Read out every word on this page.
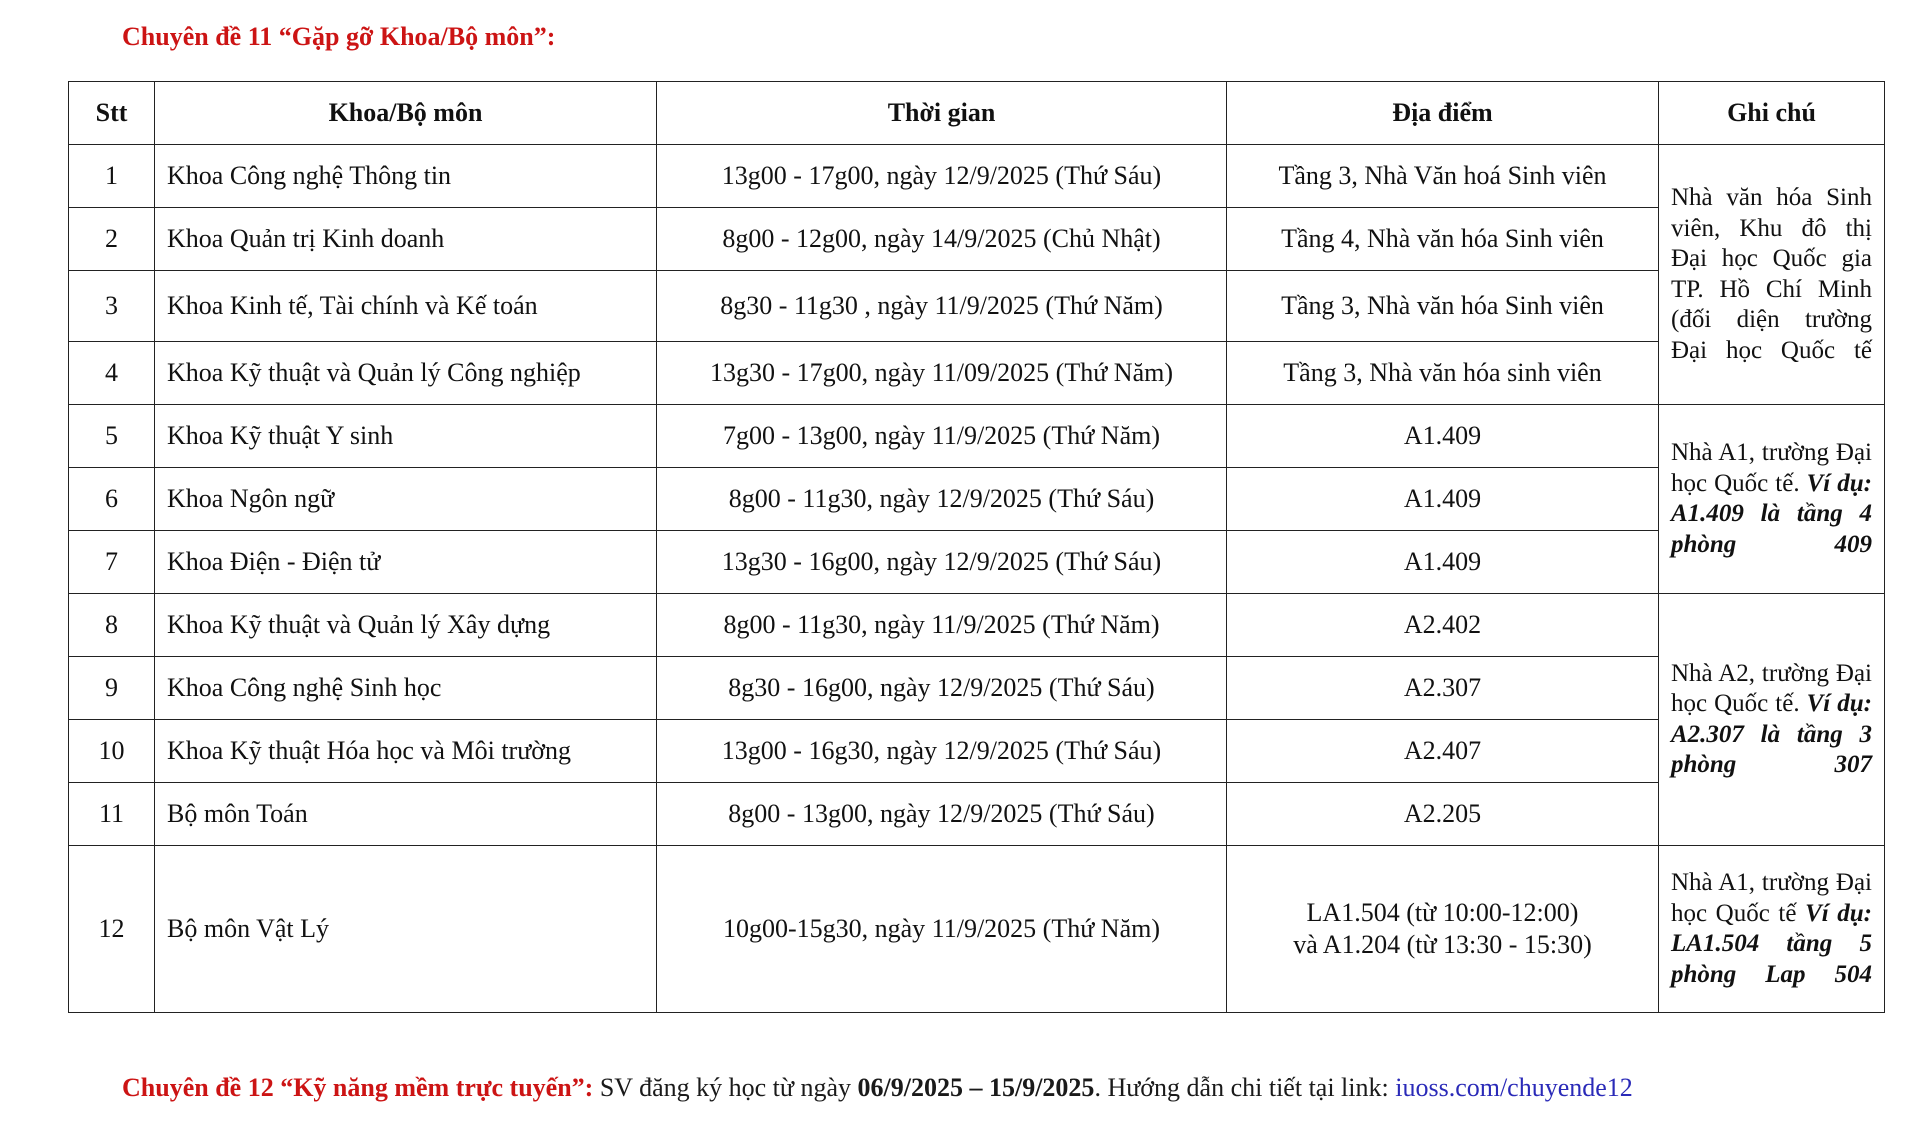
Chuyên đề 11 “Gặp gỡ Khoa/Bộ môn”:
Stt	Khoa/Bộ môn	Thời gian	Địa điểm	Ghi chú
1	Khoa Công nghệ Thông tin	13g00 - 17g00, ngày 12/9/2025 (Thứ Sáu)	Tầng 3, Nhà Văn hoá Sinh viên	Nhà văn hóa Sinh viên, Khu đô thị Đại học Quốc gia TP. Hồ Chí Minh (đối diện trường Đại học Quốc tế
2	Khoa Quản trị Kinh doanh	8g00 - 12g00, ngày 14/9/2025 (Chủ Nhật)	Tầng 4, Nhà văn hóa Sinh viên	
3	Khoa Kinh tế, Tài chính và Kế toán	8g30 - 11g30 , ngày 11/9/2025 (Thứ Năm)	Tầng 3, Nhà văn hóa Sinh viên	
4	Khoa Kỹ thuật và Quản lý Công nghiệp	13g30 - 17g00, ngày 11/09/2025 (Thứ Năm)	Tầng 3, Nhà văn hóa sinh viên	
5	Khoa Kỹ thuật Y sinh	7g00 - 13g00, ngày 11/9/2025 (Thứ Năm)	A1.409	Nhà A1, trường Đại học Quốc tế. Ví dụ: A1.409 là tầng 4 phòng 409
6	Khoa Ngôn ngữ	8g00 - 11g30, ngày 12/9/2025 (Thứ Sáu)	A1.409	
7	Khoa Điện - Điện tử	13g30 - 16g00, ngày 12/9/2025 (Thứ Sáu)	A1.409	
8	Khoa Kỹ thuật và Quản lý Xây dựng	8g00 - 11g30, ngày 11/9/2025 (Thứ Năm)	A2.402	Nhà A2, trường Đại học Quốc tế. Ví dụ: A2.307 là tầng 3 phòng 307
9	Khoa Công nghệ Sinh học	8g30 - 16g00, ngày 12/9/2025 (Thứ Sáu)	A2.307	
10	Khoa Kỹ thuật Hóa học và Môi trường	13g00 - 16g30, ngày 12/9/2025 (Thứ Sáu)	A2.407	
11	Bộ môn Toán	8g00 - 13g00, ngày 12/9/2025 (Thứ Sáu)	A2.205	
12	Bộ môn Vật Lý	10g00-15g30, ngày 11/9/2025 (Thứ Năm)	LA1.504 (từ 10:00-12:00)
và A1.204 (từ 13:30 - 15:30)	Nhà A1, trường Đại học Quốc tế Ví dụ: LA1.504 tầng 5 phòng Lap 504
Chuyên đề 12 “Kỹ năng mềm trực tuyến”: SV đăng ký học từ ngày 06/9/2025 – 15/9/2025. Hướng dẫn chi tiết tại link: iuoss.com/chuyende12
